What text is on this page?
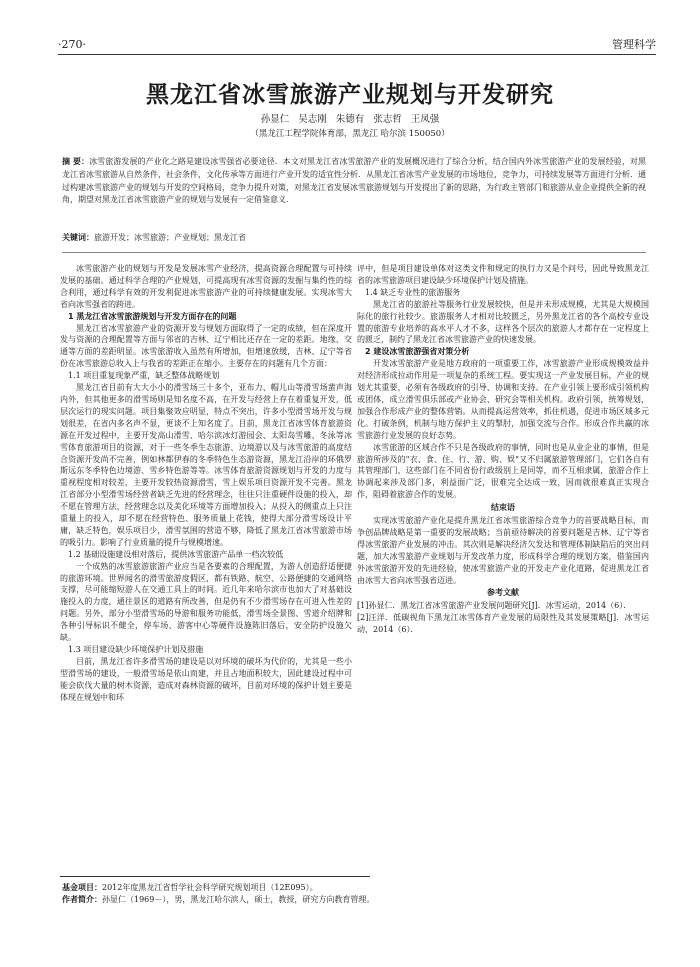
·270·	管理科学
黑龙江省冰雪旅游产业规划与开发研究
孙显仁 吴志刚 朱德有 张志哲 王凤强
（黑龙江工程学院体育部，黑龙江 哈尔滨 150050）
摘 要：冰雪旅游发展的产业化之路是建设冰雪强省必要途径．本文对黑龙江省冰雪旅游产业的发展概况进行了综合分析，结合国内外冰雪旅游产业的发展经验，对黑龙江省冰雪旅游从自然条件，社会条件，文化传承等方面进行产业开发的适宜性分析．从黑龙江省冰雪产业发展的市场地位，竞争力，可持续发展等方面进行分析．通过构建冰雪旅游产业的规划与开发的空间格局，竞争力提升对策，对黑龙江省发展冰雪旅游规划与开发提出了新的思路，为行政主管部门和旅游从业企业提供全新的视角，期望对黑龙江省冰雪旅游产业的规划与发展有一定借鉴意义．
关键词：旅游开发；冰雪旅游；产业规划；黑龙江省

冰雪旅游产业的规划与开发是发展冰雪产业经济，提高资源合理配置与可持续发展的基础。通过科学合理的产业规划，可提高现有冰雪资源的发掘与集约性的综合利用，通过科学有效的开发利促进冰雪旅游产业的可持续健康发展。实现冰雪大省向冰雪强省的跨进。

1 黑龙江省冰雪旅游规划与开发方面存在的问题

黑龙江省冰雪旅游产业的资源开发与规划方面取得了一定的成绩，但在深度开发与资源的合理配置等方面与邻省的吉林、辽宁相比还存在一定的差距。地缘、交通等方面的差距明显。冰雪旅游收入虽然有所增加，但增速放缓，吉林、辽宁等省份在冰雪旅游总收入上与我省的差距正在缩小。主要存在的问题有几个方面：

1.1 项目重复现象严重，缺乏整体战略规划

黑龙江省目前有大大小小的滑雪场三十多个，亚布力、帽儿山等滑雪场蜚声海内外，但其他更多的滑雪场则是知名度不高，在开发与经营上存在着重复开发，低层次运行的现实问题。项目集聚效应明显，特点不突出，许多小型滑雪场开发与规划很差，在省内多名声不显，更谈不上知名度了。目前，黑龙江省冰雪体育旅游资源在开发过程中，主要开发高山滑雪、哈尔滨冰灯游园会、太阳岛雪雕、冬泳等冰雪体育旅游项目的资源，对于一些冬季生态旅游、边境游以及与冰雪旅游的高度结合资源开发尚不完善，例如林都伊春的冬季特色生态游资源，黑龙江沿岸的环俄罗斯远东冬季特色边境游、雪乡特色游等等。冰雪体育旅游资源规划与开发的力度与重视程度相对较差，主要开发较热资源滑雪，雪上娱乐项目资源开发不完善。黑龙江省部分小型滑雪场经营者缺乏先进的经营理念，往往只注重硬件设施的投入，却不愿在管理方法，经营理念以及美化环境等方面增加投入；从投入的侧重点上只注重量上的投入，却不愿在经营特色、服务质量上花钱，使得大部分滑雪场设计平庸，缺乏特色，娱乐项目少，滑雪氛围的营造不够，降低了黑龙江省冰雪旅游市场的吸引力。影响了行业质量的提升与规模增速。

1.2 基础设施建设相对落后，提供冰雪旅游产品单一档次较低

一个成熟的冰雪旅游旅游产业应当是各要素的合理配置，为游人创造舒适便捷的旅游环境。世界闻名的滑雪旅游度假区，都有铁路、航空、公路便捷的交通网络支撑，尽可能缩短游人在交通工具上的时间。近几年来哈尔滨市也加大了对基础设施投入的力度，通往景区的道路有所改善，但是仍有不少滑雪场存在可进入性差的问题。另外，部分小型滑雪场的导游和服务功能低，滑雪场全景图、雪道介绍牌和各种引导标识不健全，停车场、游客中心等硬件设施陈旧落后，安全防护设施欠缺。

1.3 项目建设缺少环境保护计划及措施

目前，黑龙江省许多滑雪场的建设是以对环境的破坏为代价的，尤其是一些小型滑雪场的建设，一般滑雪场是依山而建，并且占地面积较大，因此建设过程中可能会砍伐大量的树木资源，造成对森林资源的破坏，目前对环境的保护计划主要是体现在规划中和环

评中，但是项目建设单体对这类文件和规定的执行力又是个问号，因此导致黑龙江省的冰雪旅游项目建设缺少环境保护计划及措施。

1.4 缺乏专业性的旅游服务

黑龙江省的旅游社等服务行业发展较快，但是并未形成规模，尤其是大规模国际化的旅行社较少。旅游服务人才相对比较匮乏，另外黑龙江省的各个高校专业设置的旅游专业培养的高水平人才不多，这样各个层次的旅游人才都存在一定程度上的匮乏，制约了黑龙江省冰雪旅游产业的快速发展。

2 建设冰雪旅游强省对策分析

开发冰雪旅游产业是地方政府的一项重要工作，冰雪旅游产业形成规模效益并对经济形成拉动作用是一项复杂的系统工程。要实现这一产业发展目标，产业的规划尤其重要，必须有各级政府的引导、协调和支持。在产业引领上要形成引领机构或团体，成立滑雪俱乐部或产业协会、研究会等相关机构。政府引领，统筹规划，加强合作形成产业的整体营销。从而提高运营效率，抓住机遇，促进市场区域多元化。打破条例，机制与地方保护主义的掣肘，加强交流与合作。形成合作共赢的冰雪旅游行业发展的良好态势。

冰雪旅游的区域合作不只是各级政府的事情，同时也是从业企业的事情，但是旅游所涉及的"衣、食、住、行、游、购、娱"又不归属旅游管理部门，它们各自有其管理部门，这些部门在不同省份行政级别上是同等，而不互相隶属，旅游合作上协调起来涉及部门多，利益面广泛，很难完全达成一致，因而就很难真正实现合作，阻碍着旅游合作的发展。

结束语

实现冰雪旅游产业化是提升黑龙江省冰雪旅游综合竞争力的首要战略目标，而争创品牌战略是第一重要的发展战略；当前亟待解决的首要问题是吉林、辽宁等省得冰雪旅游产业发展的冲击。其次则是解决经济欠发达和管理体制缺陷后的突出问题，加大冰雪旅游产业规划与开发改革力度，形成科学合理的规划方案，借鉴国内外冰雪旅游开发的先进经验，使冰雪旅游产业的开发走产业化道路，促进黑龙江省由冰雪大省向冰雪强省迈进。

参考文献

[1]孙显仁．黑龙江省冰雪旅游产业发展问题研究[J]．冰雪运动，2014（6）．

[2]汪洋．低碳视角下黑龙江冰雪体育产业发展的局限性及其发展策略[J]．冰雪运动，2014（6）．

基金项目：2012年度黑龙江省哲学社会科学研究规划项目（12E095）。
作者简介：孙显仁（1969－），男，黑龙江哈尔滨人，硕士，教授，研究方向教育管理。
